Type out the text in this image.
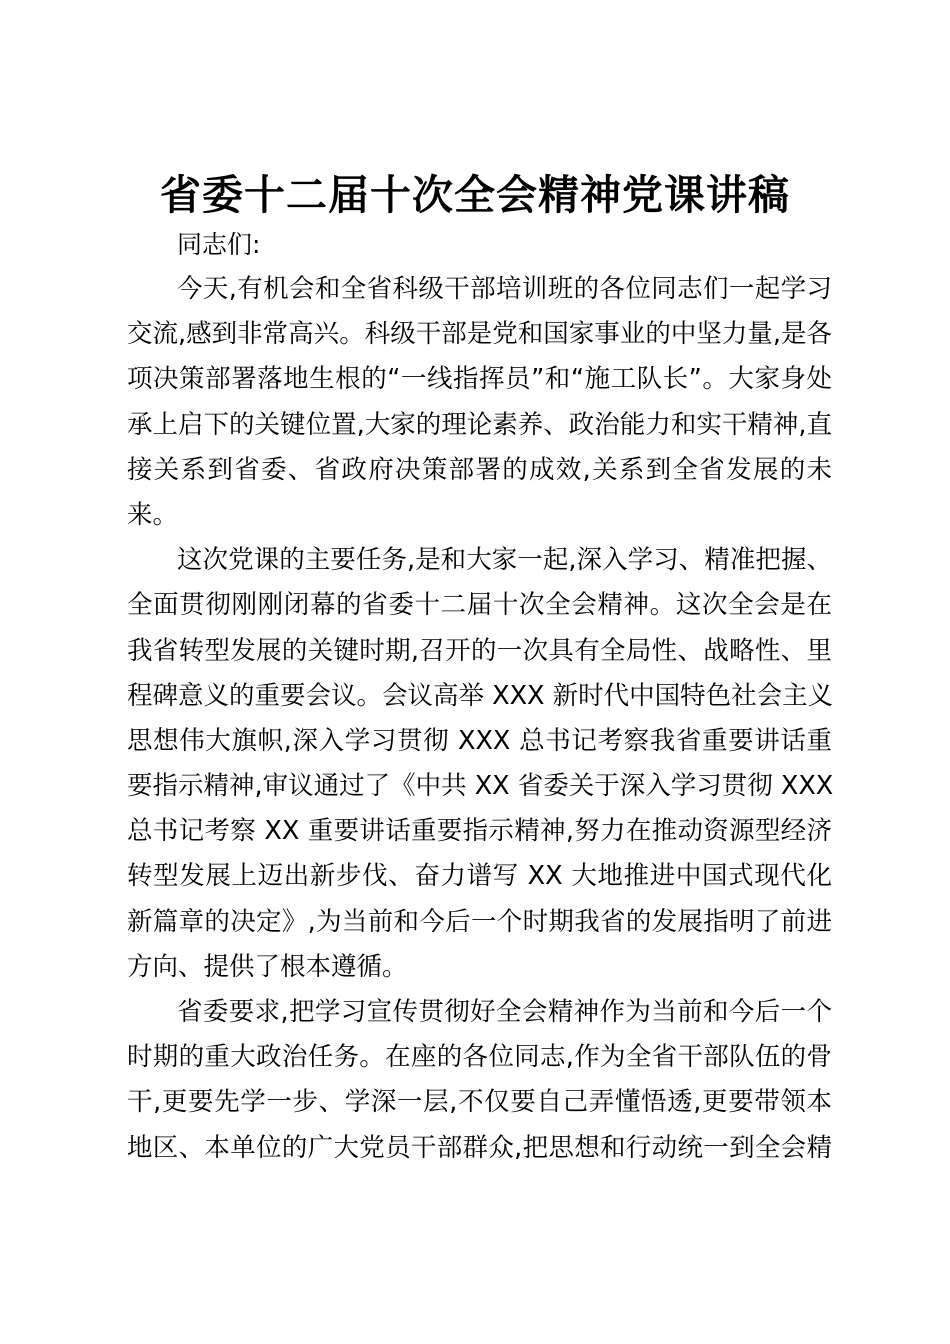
省委十二届十次全会精神党课讲稿

同志们:

今天,有机会和全省科级干部培训班的各位同志们一起学习
交流,感到非常高兴。科级干部是党和国家事业的中坚力量,是各
项决策部署落地生根的“一线指挥员”和“施工队长”。大家身处
承上启下的关键位置,大家的理论素养、政治能力和实干精神,直
接关系到省委、省政府决策部署的成效,关系到全省发展的未
来。
这次党课的主要任务,是和大家一起,深入学习、精准把握、
全面贯彻刚刚闭幕的省委十二届十次全会精神。这次全会是在
我省转型发展的关键时期,召开的一次具有全局性、战略性、里
程碑意义的重要会议。会议高举 XXX 新时代中国特色社会主义
思想伟大旗帜,深入学习贯彻 XXX 总书记考察我省重要讲话重
要指示精神,审议通过了《中共 XX 省委关于深入学习贯彻 XXX
总书记考察 XX 重要讲话重要指示精神,努力在推动资源型经济
转型发展上迈出新步伐、奋力谱写 XX 大地推进中国式现代化
新篇章的决定》,为当前和今后一个时期我省的发展指明了前进
方向、提供了根本遵循。
省委要求,把学习宣传贯彻好全会精神作为当前和今后一个
时期的重大政治任务。在座的各位同志,作为全省干部队伍的骨
干,更要先学一步、学深一层,不仅要自己弄懂悟透,更要带领本
地区、本单位的广大党员干部群众,把思想和行动统一到全会精
